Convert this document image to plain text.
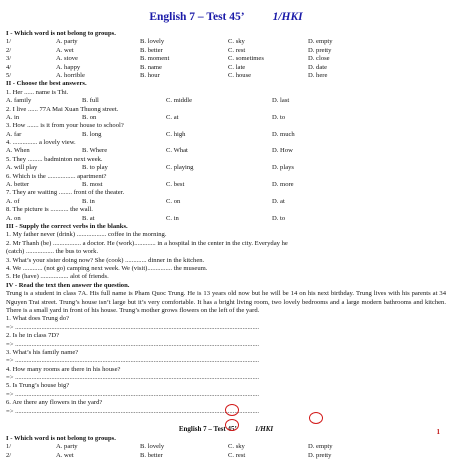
English 7 – Test 45’ 1/HKI
I - Which word is not belong to groups.
1/	A. party	B. lovely	C. sky	D. empty
2/	A. wet	B. better	C. rest	D. pretty
3/	A. stove	B. moment	C. sometimes	D. close
4/	A. happy	B. name	C. late	D. date
5/	A. horrible	B. hour	C. house	D. here
II - Choose the best answers.
1. Her ...... name is Thi.
A. family	B. full	C. middle	D. last
2. I live ...... 77A Mai Xuan Thuong street.
A. in	B. on	C. at	D. to
3. How ....... is it from your house to school?
A. far	B. long	C. high	D. much
4. ............... a lovely view.
A. When	B. Where	C. What	D. How
5. They ......... badminton next week.
A. will play	B. to play	C. playing	D. plays
6. Which is the ................. apartment?
A. better	B. most	C. best	D. more
7. They are waiting ........ front of the theater.
A. of	B. in	C. on	D. at
8. The picture is ........... the wall.
A. on	B. at	C. in	D. to
III - Supply the correct verbs in the blanks.
1. My father never (drink) .................. coffee in the morning.
2. Mr Thanh (be) ................. a doctor. He (work)............. in a hospital in the center in the city. Everyday he
(catch) ................. the bus to work.
3. What’s your sister doing now? She (cook) ............. dinner in the kitchen.
4. We ............ (not go) camping next week. We (visit)............... the museum.
5. He (have) ................. alot of friends.
IV - Read the text then answer the question.
Trung is a student in class 7A. His full name is Pham Quoc Trung. He is 13 years old now but he will be 14 on his next birthday. Trung lives with his parents at 34 Nguyen Trai street. Trung’s house isn’t large but it’s very comfortable. It has a bright living room, two lovely bedrooms and a large modern bathrooms and kitchen. There is a small yard in front of his house. Trung’s mother grows flowers on the left of the yard.
1. What does Trung do?
=> ....................................................................................................................................................
2. Is he in class 7D?
=> ....................................................................................................................................................
3. What’s his family name?
=> ....................................................................................................................................................
4. How many rooms are there in his house?
=> ....................................................................................................................................................
5. Is Trung’s house big?
=> ....................................................................................................................................................
6. Are there any flowers in the yard?
=> ....................................................................................................................................................
English 7 – Test 45’	1/HKI
I - Which word is not belong to groups.
1/	A. party	B. lovely	C. sky	D. empty
2/	A. wet	B. better	C. rest	D. pretty
1
